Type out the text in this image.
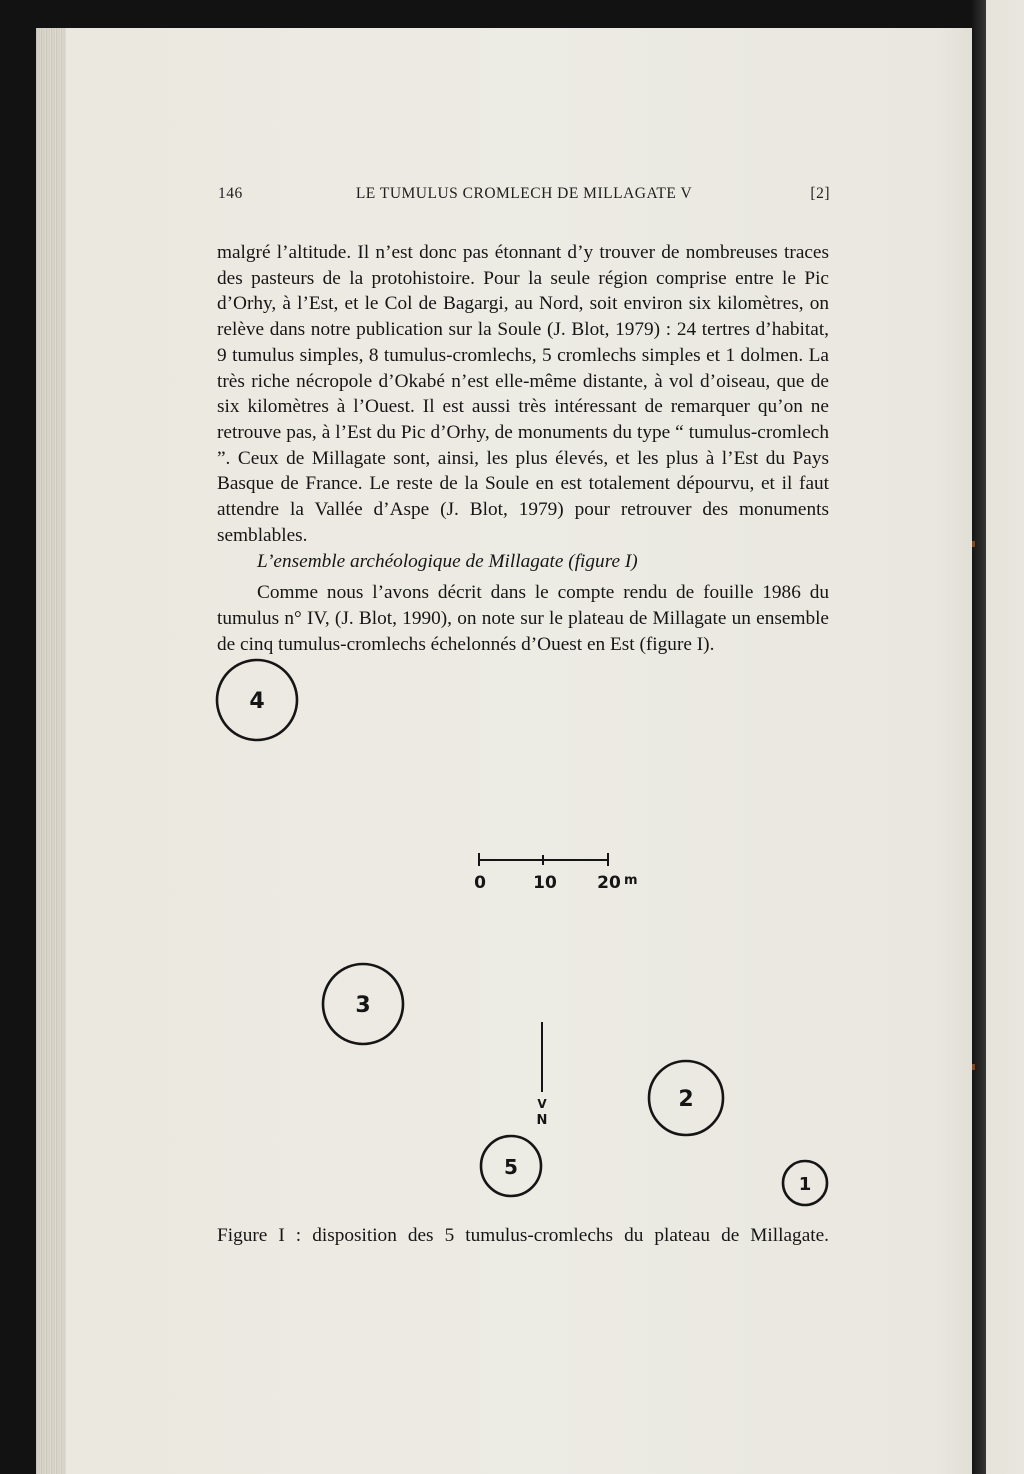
146	LE TUMULUS CROMLECH DE MILLAGATE V	[2]

malgré l’altitude. Il n’est donc pas étonnant d’y trouver de nombreuses traces des pasteurs de la protohistoire. Pour la seule région comprise entre le Pic d’Orhy, à l’Est, et le Col de Bagargi, au Nord, soit environ six kilomètres, on relève dans notre publication sur la Soule (J. Blot, 1979) : 24 tertres d’habitat, 9 tumulus simples, 8 tumulus-cromlechs, 5 cromlechs simples et 1 dolmen. La très riche nécropole d’Okabé n’est elle-même distante, à vol d’oiseau, que de six kilomètres à l’Ouest. Il est aussi très intéressant de remarquer qu’on ne retrouve pas, à l’Est du Pic d’Orhy, de monuments du type “ tumulus-cromlech ”. Ceux de Millagate sont, ainsi, les plus élevés, et les plus à l’Est du Pays Basque de France. Le reste de la Soule en est totalement dépourvu, et il faut attendre la Vallée d’Aspe (J. Blot, 1979) pour retrouver des monuments semblables.

L’ensemble archéologique de Millagate (figure I)

Comme nous l’avons décrit dans le compte rendu de fouille 1986 du tumulus n° IV, (J. Blot, 1990), on note sur le plateau de Millagate un ensemble de cinq tumulus-cromlechs échelonnés d’Ouest en Est (figure I).

4
3
2
5
1
0	10 20 m
V
N
Figure I : disposition des 5 tumulus-cromlechs du plateau de Millagate.
